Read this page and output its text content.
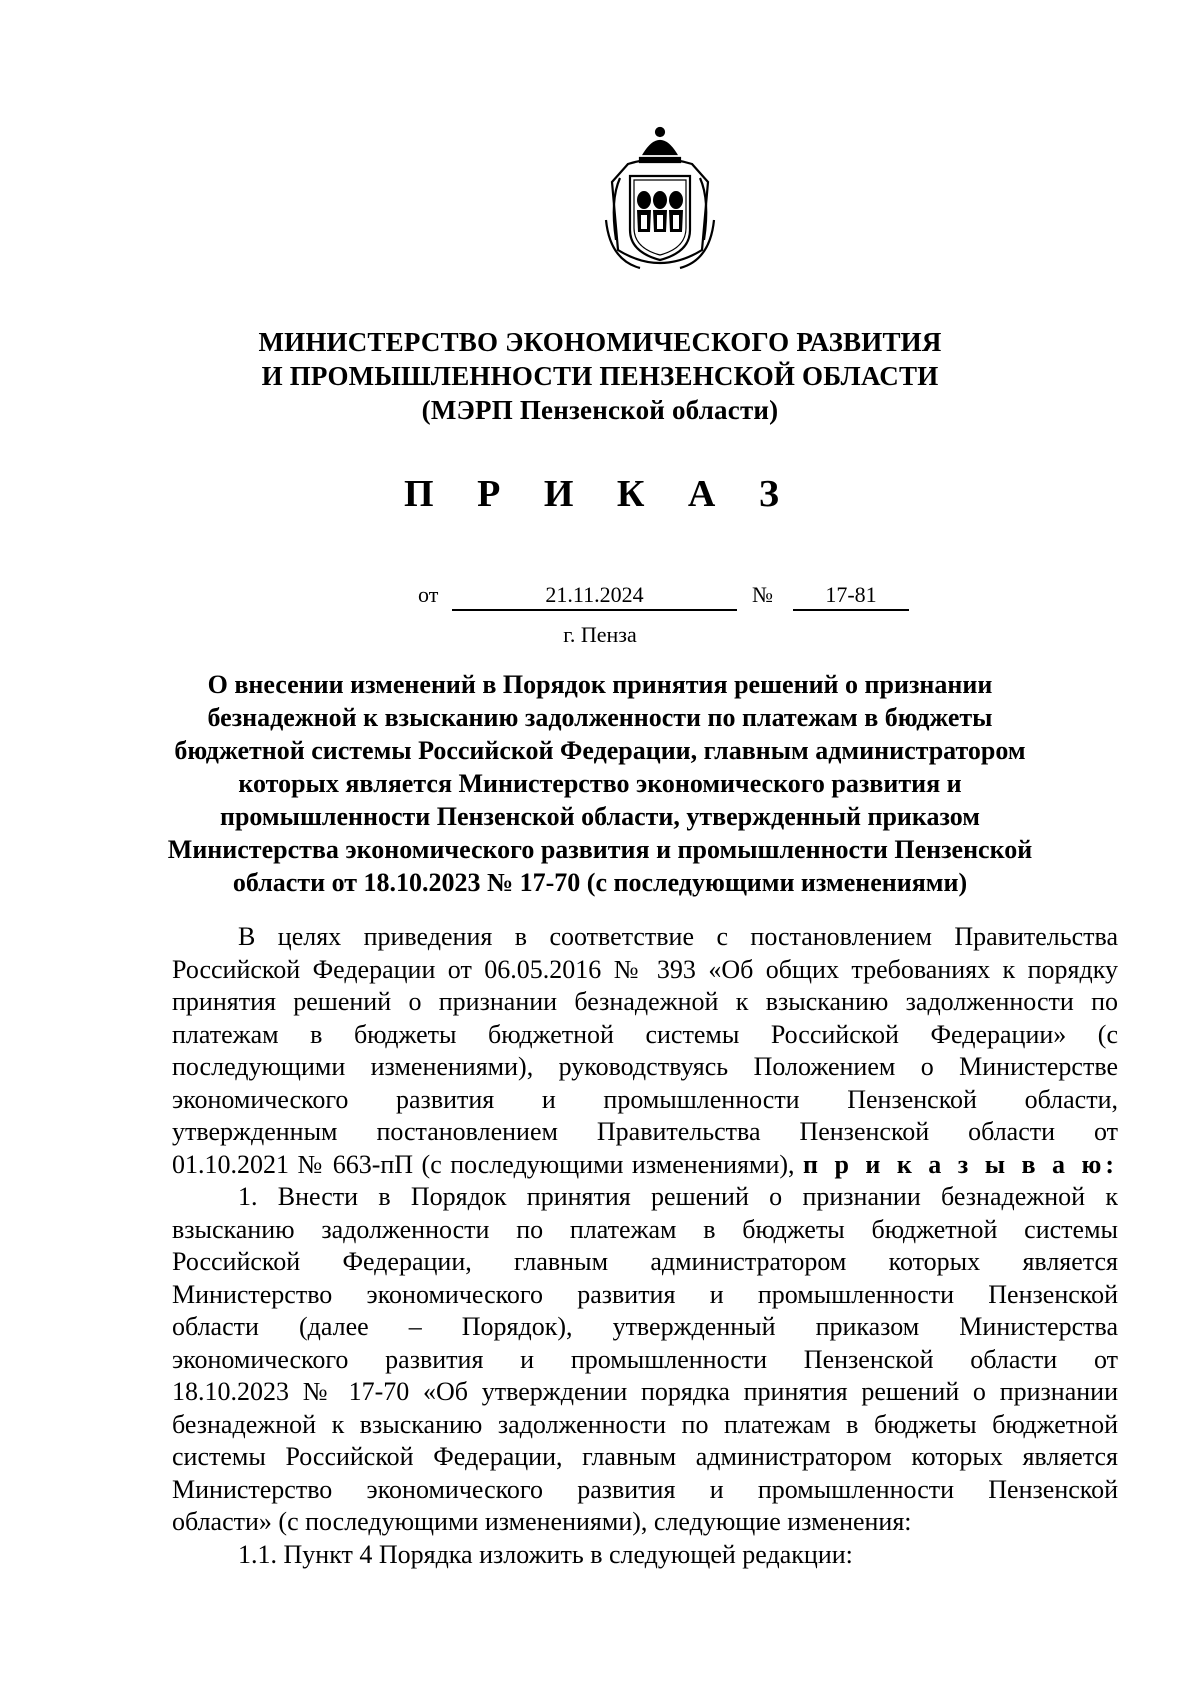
МИНИСТЕРСТВО ЭКОНОМИЧЕСКОГО РАЗВИТИЯ
И ПРОМЫШЛЕННОСТИ ПЕНЗЕНСКОЙ ОБЛАСТИ
(МЭРП Пензенской области)
П Р И К А З
от	21.11.2024	№	17-81
г. Пенза
О внесении изменений в Порядок принятия решений о признании
безнадежной к взысканию задолженности по платежам в бюджеты
бюджетной системы Российской Федерации, главным администратором
которых является Министерство экономического развития и
промышленности Пензенской области, утвержденный приказом
Министерства экономического развития и промышленности Пензенской
области от 18.10.2023 № 17-70 (с последующими изменениями)
В целях приведения в соответствие с постановлением Правительства
Российской Федерации от 06.05.2016 № 393 «Об общих требованиях к порядку
принятия решений о признании безнадежной к взысканию задолженности по
платежам в бюджеты бюджетной системы Российской Федерации» (с
последующими изменениями), руководствуясь Положением о Министерстве
экономического развития и промышленности Пензенской области,
утвержденным постановлением Правительства Пензенской области от
01.10.2021 № 663-пП (с последующими изменениями), п р и к а з ы в а ю:
1. Внести в Порядок принятия решений о признании безнадежной к
взысканию задолженности по платежам в бюджеты бюджетной системы
Российской Федерации, главным администратором которых является
Министерство экономического развития и промышленности Пензенской
области (далее – Порядок), утвержденный приказом Министерства
экономического развития и промышленности Пензенской области от
18.10.2023 № 17-70 «Об утверждении порядка принятия решений о признании
безнадежной к взысканию задолженности по платежам в бюджеты бюджетной
системы Российской Федерации, главным администратором которых является
Министерство экономического развития и промышленности Пензенской
области» (с последующими изменениями), следующие изменения:
1.1. Пункт 4 Порядка изложить в следующей редакции:
